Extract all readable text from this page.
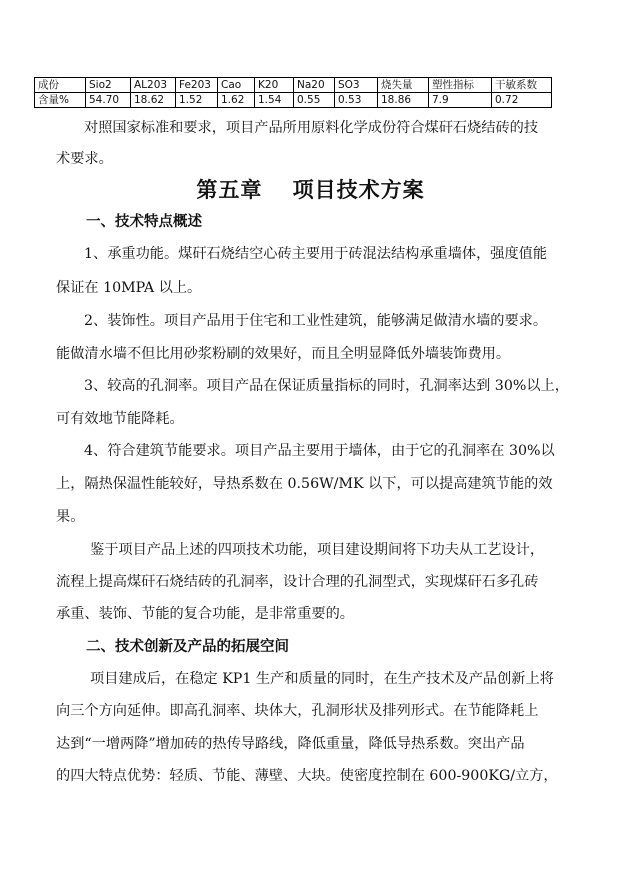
成份	Sio2	AL203	Fe203	Cao	K20	Na20	SO3	烧失量	塑性指标	干敏系数
含量%	54.70	18.62	1.52	1.62	1.54	0.55	0.53	18.86	7.9	0.72
对照国家标准和要求，项目产品所用原料化学成份符合煤矸石烧结砖的技
术要求。
第五章　 项目技术方案
一、技术特点概述
1、承重功能。煤矸石烧结空心砖主要用于砖混法结构承重墙体，强度值能
保证在 10MPA 以上。
2、装饰性。项目产品用于住宅和工业性建筑，能够满足做清水墙的要求。
能做清水墙不但比用砂浆粉刷的效果好，而且全明显降低外墙装饰费用。
3、较高的孔洞率。项目产品在保证质量指标的同时，孔洞率达到 30%以上，
可有效地节能降耗。
4、符合建筑节能要求。项目产品主要用于墙体，由于它的孔洞率在 30%以
上，隔热保温性能较好，导热系数在 0.56W/MK 以下，可以提高建筑节能的效
果。
鉴于项目产品上述的四项技术功能，项目建设期间将下功夫从工艺设计，
流程上提高煤矸石烧结砖的孔洞率，设计合理的孔洞型式，实现煤矸石多孔砖
承重、装饰、节能的复合功能，是非常重要的。
二、技术创新及产品的拓展空间
项目建成后，在稳定 KP1 生产和质量的同时，在生产技术及产品创新上将
向三个方向延伸。即高孔洞率、块体大，孔洞形状及排列形式。在节能降耗上
达到“一增两降”增加砖的热传导路线，降低重量，降低导热系数。突出产品
的四大特点优势：轻质、节能、薄壁、大块。使密度控制在 600-900KG/立方，
